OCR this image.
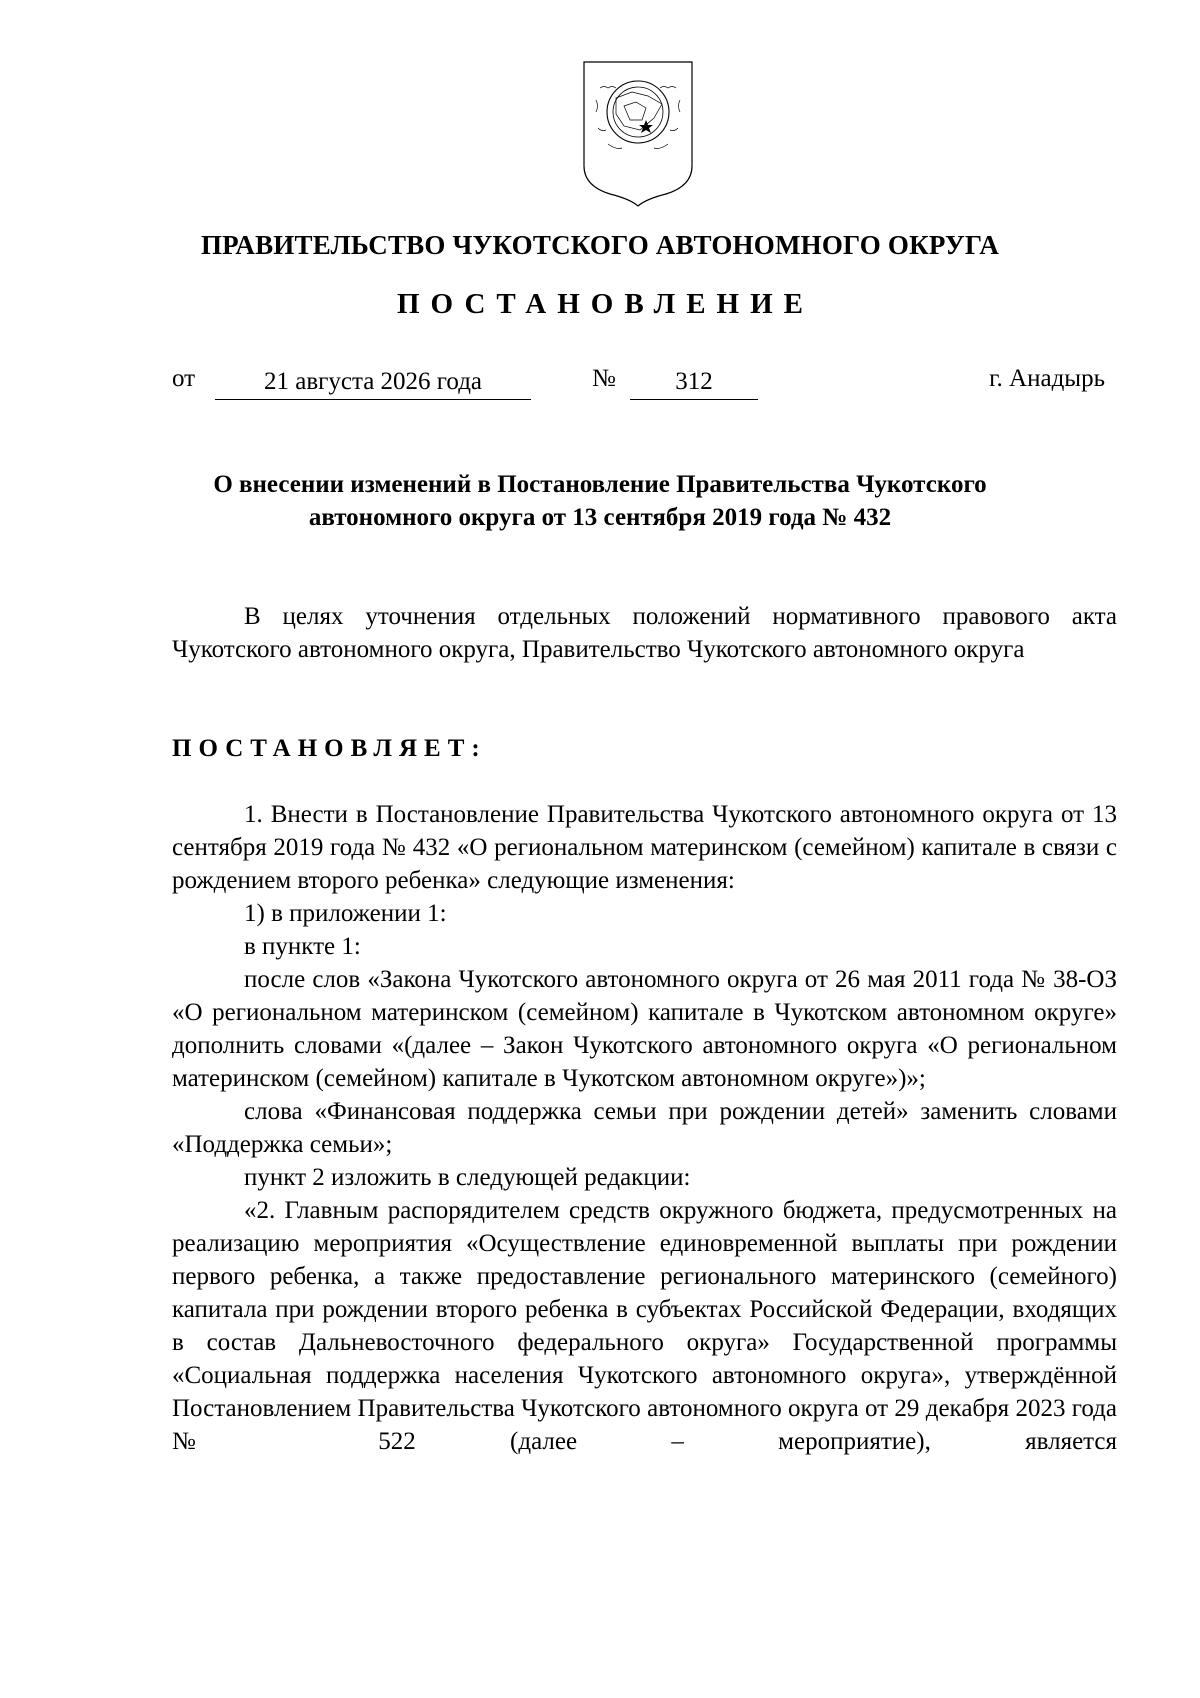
ПРАВИТЕЛЬСТВО ЧУКОТСКОГО АВТОНОМНОГО ОКРУГА
ПОСТАНОВЛЕНИЕ
от	21 августа 2026 года	№	312	г. Анадырь
О внесении изменений в Постановление Правительства Чукотского
автономного округа от 13 сентября 2019 года № 432

В целях уточнения отдельных положений нормативного правового акта Чукотского автономного округа, Правительство Чукотского автономного округа

ПОСТАНОВЛЯЕТ:

1. Внести в Постановление Правительства Чукотского автономного округа от 13 сентября 2019 года № 432 «О региональном материнском (семейном) капитале в связи с рождением второго ребенка» следующие изменения:

1) в приложении 1:

в пункте 1:

после слов «Закона Чукотского автономного округа от 26 мая 2011 года № 38-ОЗ «О региональном материнском (семейном) капитале в Чукотском автономном округе» дополнить словами «(далее – Закон Чукотского автономного округа «О региональном материнском (семейном) капитале в Чукотском автономном округе»)»;

слова «Финансовая поддержка семьи при рождении детей» заменить словами «Поддержка семьи»;

пункт 2 изложить в следующей редакции:

«2. Главным распорядителем средств окружного бюджета, предусмотренных на реализацию мероприятия «Осуществление единовременной выплаты при рождении первого ребенка, а также предоставление регионального материнского (семейного) капитала при рождении второго ребенка в субъектах Российской Федерации, входящих в состав Дальневосточного федерального округа» Государственной программы «Социальная поддержка населения Чукотского автономного округа», утверждённой Постановлением Правительства Чукотского автономного округа от 29 декабря 2023 года № 522 (далее – мероприятие), является
